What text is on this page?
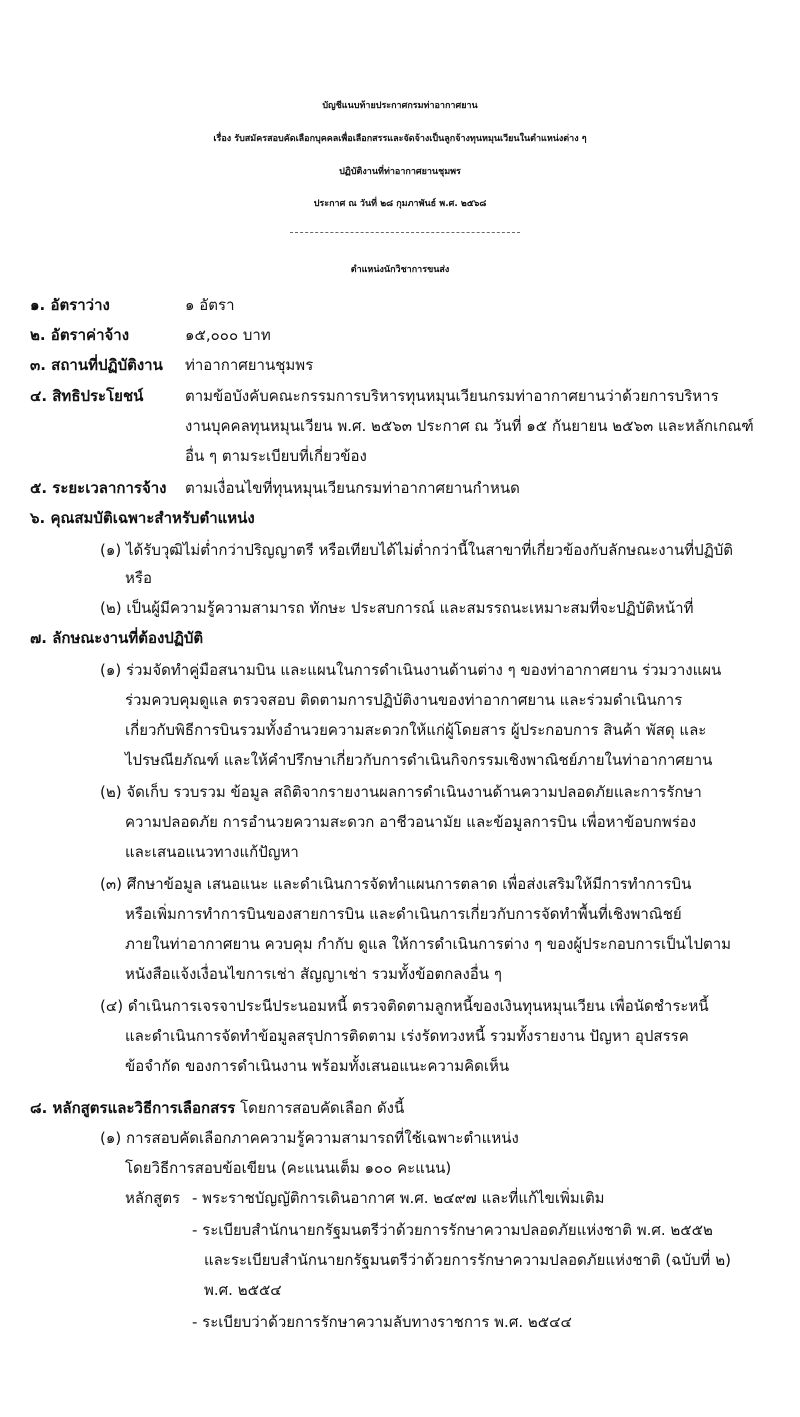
บัญชีแนบท้ายประกาศกรมท่าอากาศยาน
เรื่อง รับสมัครสอบคัดเลือกบุคคลเพื่อเลือกสรรและจัดจ้างเป็นลูกจ้างทุนหมุนเวียนในตำแหน่งต่าง ๆ
ปฏิบัติงานที่ท่าอากาศยานชุมพร
ประกาศ ณ วันที่ ๒๘ กุมภาพันธ์ พ.ศ. ๒๕๖๘
ตำแหน่งนักวิชาการขนส่ง
๑. อัตราว่าง	๑ อัตรา
๒. อัตราค่าจ้าง	๑๕,๐๐๐ บาท
๓. สถานที่ปฏิบัติงาน ท่าอากาศยานชุมพร
๔. สิทธิประโยชน์	ตามข้อบังคับคณะกรรมการบริหารทุนหมุนเวียนกรมท่าอากาศยานว่าด้วยการบริหาร
งานบุคคลทุนหมุนเวียน พ.ศ. ๒๕๖๓ ประกาศ ณ วันที่ ๑๕ กันยายน ๒๕๖๓ และหลักเกณฑ์
อื่น ๆ ตามระเบียบที่เกี่ยวข้อง
๕. ระยะเวลาการจ้าง ตามเงื่อนไขที่ทุนหมุนเวียนกรมท่าอากาศยานกำหนด
๖. คุณสมบัติเฉพาะสำหรับตำแหน่ง
(๑) ได้รับวุฒิไม่ต่ำกว่าปริญญาตรี หรือเทียบได้ไม่ต่ำกว่านี้ในสาขาที่เกี่ยวข้องกับลักษณะงานที่ปฏิบัติ
หรือ
(๒) เป็นผู้มีความรู้ความสามารถ ทักษะ ประสบการณ์ และสมรรถนะเหมาะสมที่จะปฏิบัติหน้าที่
๗. ลักษณะงานที่ต้องปฏิบัติ
(๑) ร่วมจัดทำคู่มือสนามบิน และแผนในการดำเนินงานด้านต่าง ๆ ของท่าอากาศยาน ร่วมวางแผน
ร่วมควบคุมดูแล ตรวจสอบ ติดตามการปฏิบัติงานของท่าอากาศยาน และร่วมดำเนินการ
เกี่ยวกับพิธีการบินรวมทั้งอำนวยความสะดวกให้แก่ผู้โดยสาร ผู้ประกอบการ สินค้า พัสดุ และ
ไปรษณียภัณฑ์ และให้คำปรึกษาเกี่ยวกับการดำเนินกิจกรรมเชิงพาณิชย์ภายในท่าอากาศยาน
(๒) จัดเก็บ รวบรวม ข้อมูล สถิติจากรายงานผลการดำเนินงานด้านความปลอดภัยและการรักษา
ความปลอดภัย การอำนวยความสะดวก อาชีวอนามัย และข้อมูลการบิน เพื่อหาข้อบกพร่อง
และเสนอแนวทางแก้ปัญหา
(๓) ศึกษาข้อมูล เสนอแนะ และดำเนินการจัดทำแผนการตลาด เพื่อส่งเสริมให้มีการทำการบิน
หรือเพิ่มการทำการบินของสายการบิน และดำเนินการเกี่ยวกับการจัดทำพื้นที่เชิงพาณิชย์
ภายในท่าอากาศยาน ควบคุม กำกับ ดูแล ให้การดำเนินการต่าง ๆ ของผู้ประกอบการเป็นไปตาม
หนังสือแจ้งเงื่อนไขการเช่า สัญญาเช่า รวมทั้งข้อตกลงอื่น ๆ
(๔) ดำเนินการเจรจาประนีประนอมหนี้ ตรวจติดตามลูกหนี้ของเงินทุนหมุนเวียน เพื่อนัดชำระหนี้
และดำเนินการจัดทำข้อมูลสรุปการติดตาม เร่งรัดทวงหนี้ รวมทั้งรายงาน ปัญหา อุปสรรค
ข้อจำกัด ของการดำเนินงาน พร้อมทั้งเสนอแนะความคิดเห็น
๘. หลักสูตรและวิธีการเลือกสรร โดยการสอบคัดเลือก ดังนี้
(๑) การสอบคัดเลือกภาคความรู้ความสามารถที่ใช้เฉพาะตำแหน่ง
โดยวิธีการสอบข้อเขียน (คะแนนเต็ม ๑๐๐ คะแนน)
หลักสูตร - พระราชบัญญัติการเดินอากาศ พ.ศ. ๒๔๙๗ และที่แก้ไขเพิ่มเติม
- ระเบียบสำนักนายกรัฐมนตรีว่าด้วยการรักษาความปลอดภัยแห่งชาติ พ.ศ. ๒๕๕๒
และระเบียบสำนักนายกรัฐมนตรีว่าด้วยการรักษาความปลอดภัยแห่งชาติ (ฉบับที่ ๒)
พ.ศ. ๒๕๕๔
- ระเบียบว่าด้วยการรักษาความลับทางราชการ พ.ศ. ๒๕๔๔
